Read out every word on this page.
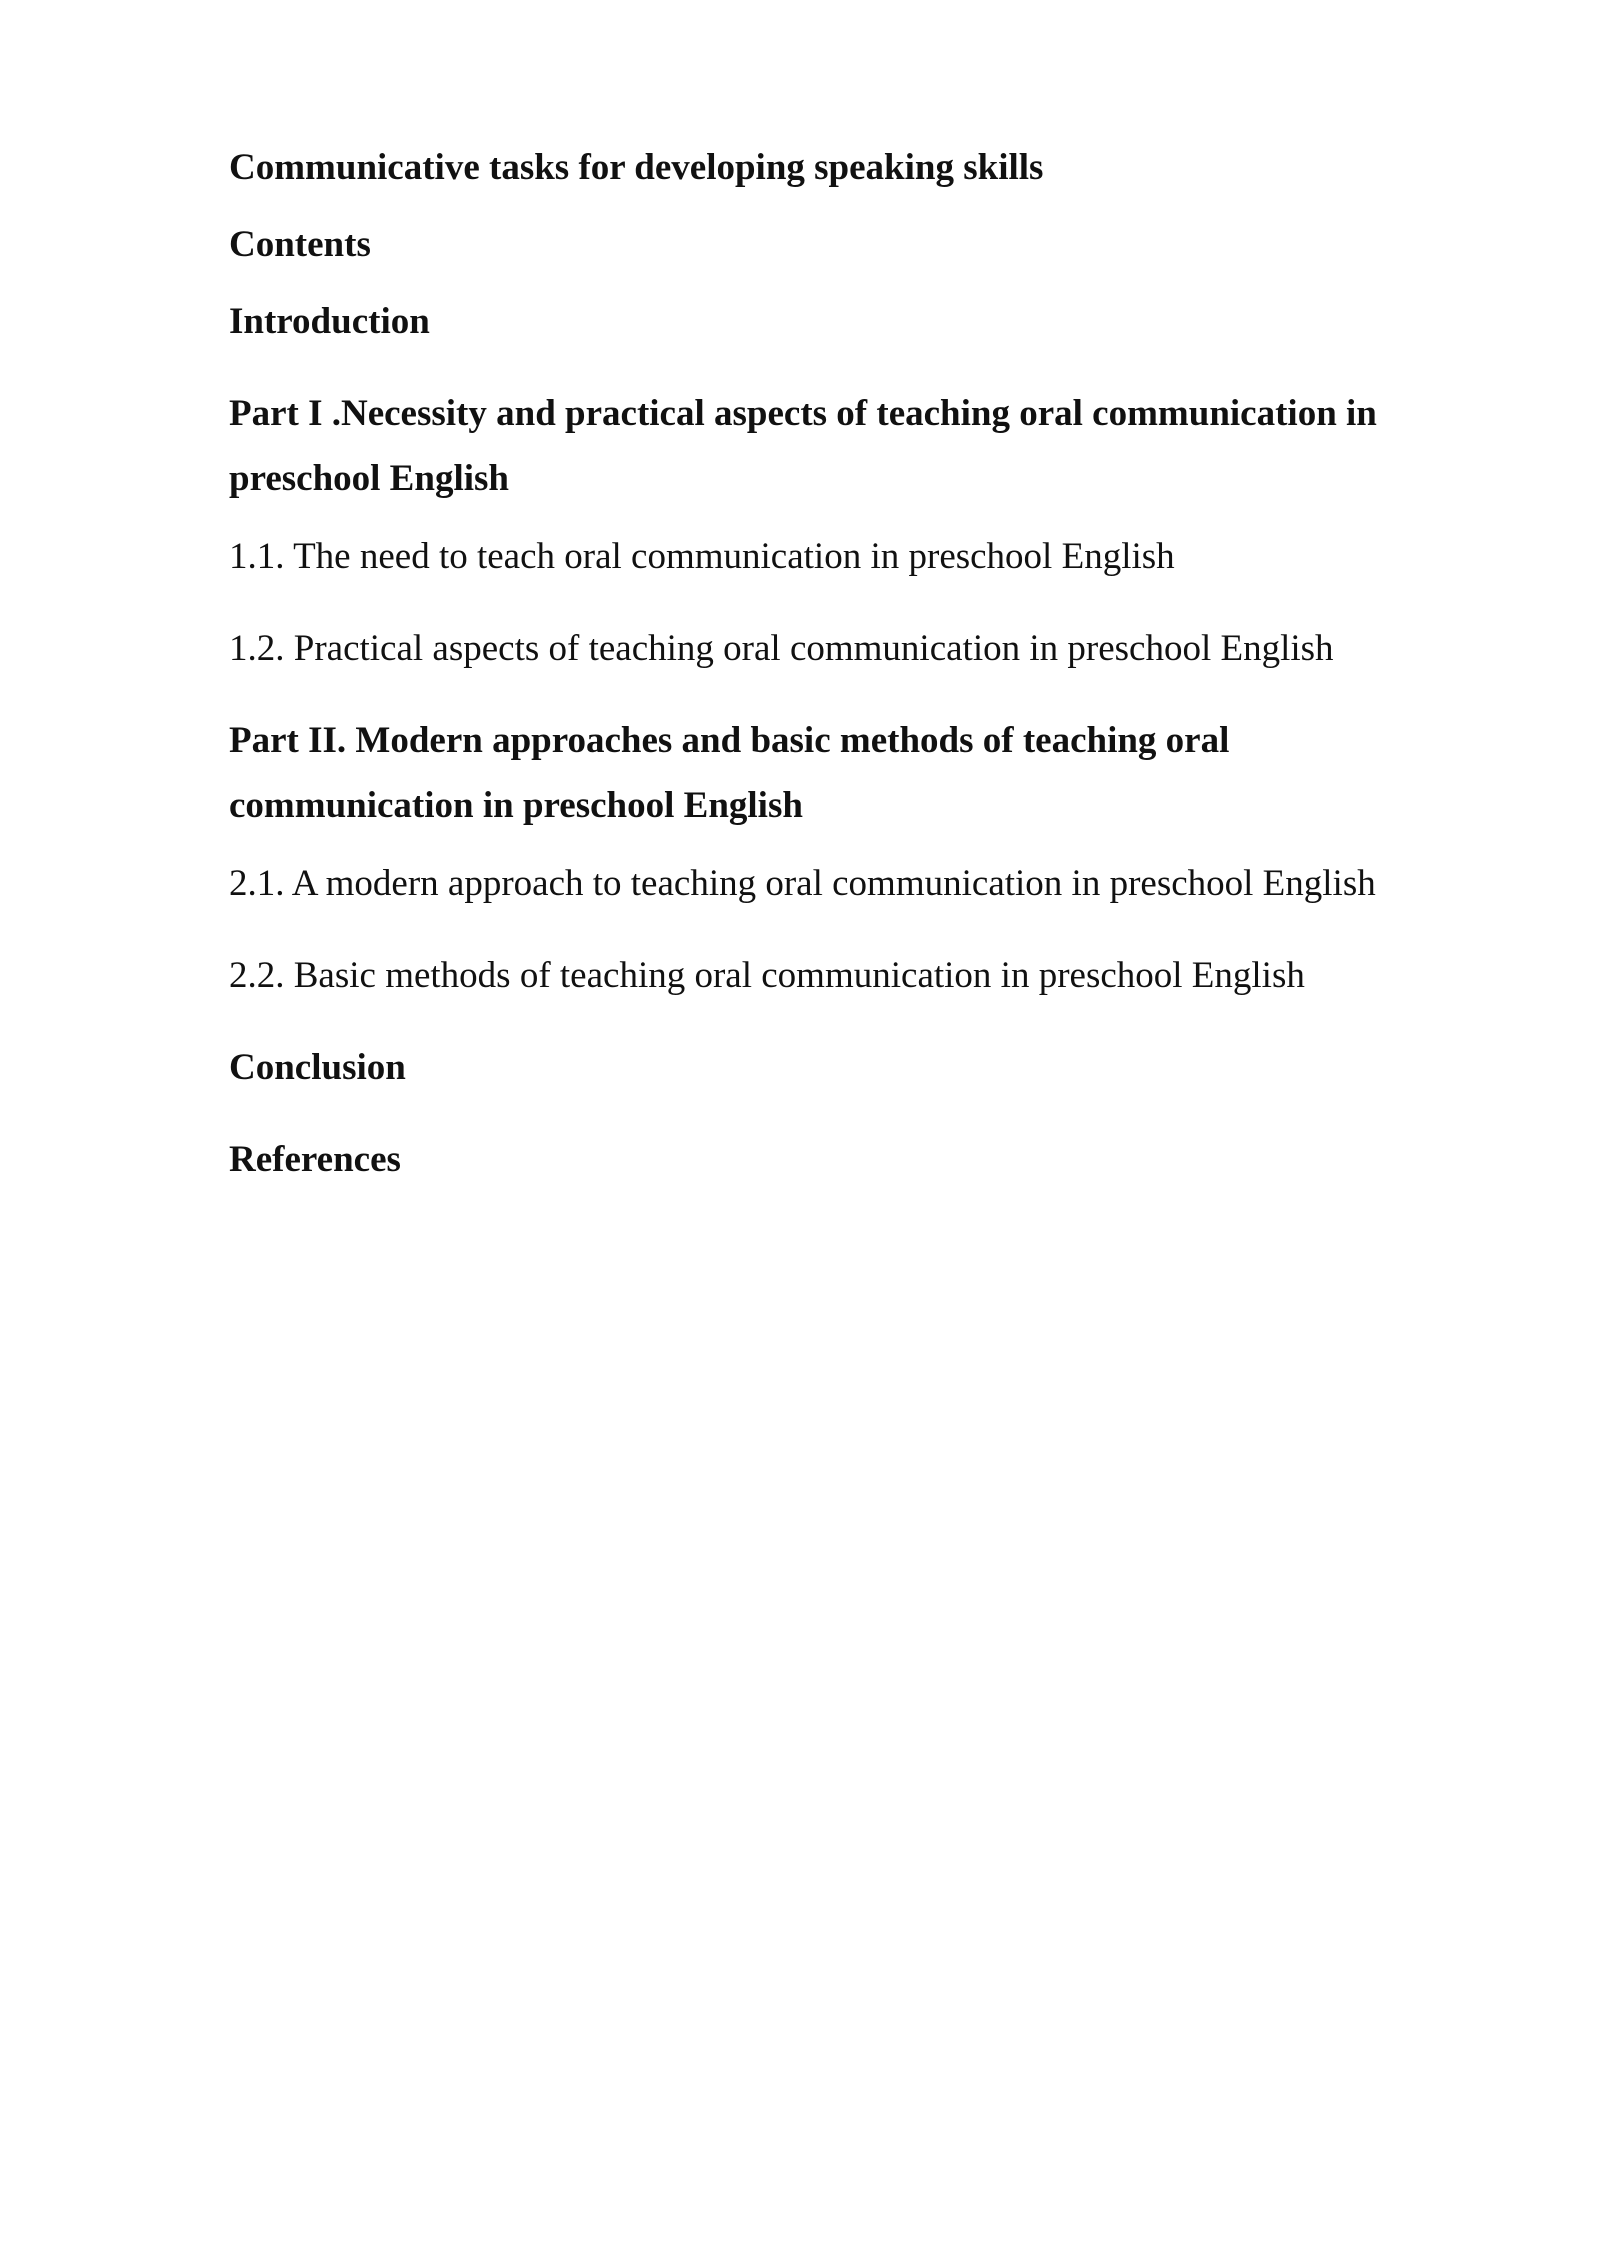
Communicative tasks for developing speaking skills

Contents

Introduction

Part I .Necessity and practical aspects of teaching oral communication in preschool English

1.1. The need to teach oral communication in preschool English

1.2. Practical aspects of teaching oral communication in preschool English

Part II. Modern approaches and basic methods of teaching oral communication in preschool English

2.1. A modern approach to teaching oral communication in preschool English

2.2. Basic methods of teaching oral communication in preschool English

Conclusion

References
